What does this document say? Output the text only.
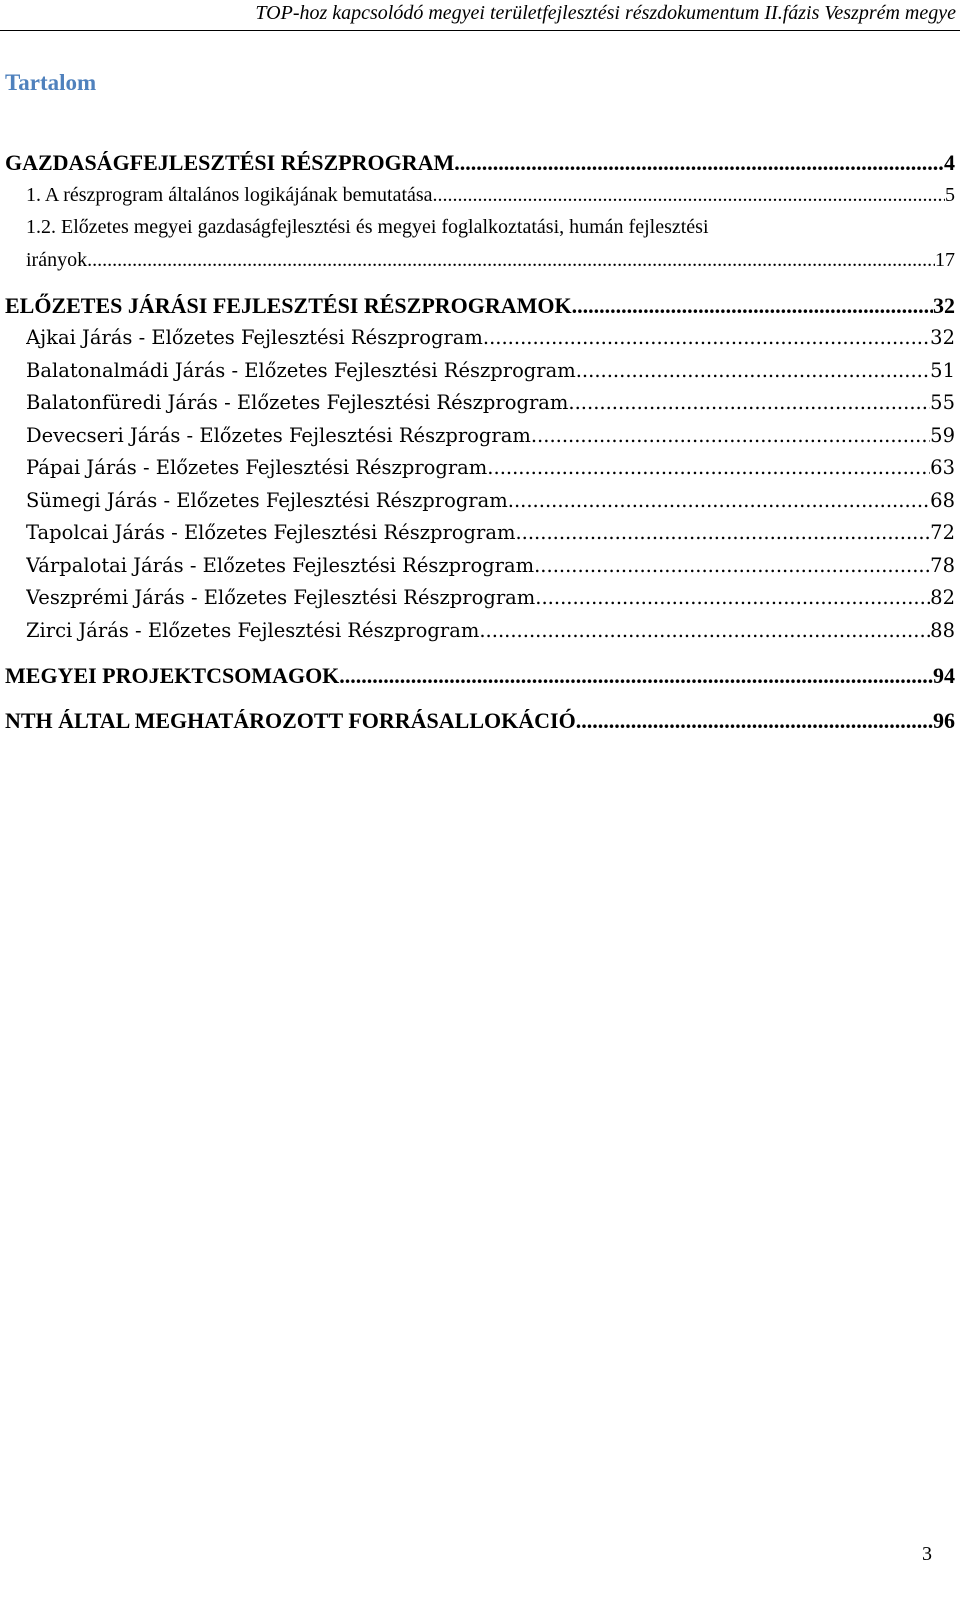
TOP-hoz kapcsolódó megyei területfejlesztési részdokumentum II.fázis Veszprém megye
Tartalom
GAZDASÁGFEJLESZTÉSI RÉSZPROGRAM .....	4
1. A részprogram általános logikájának bemutatása .....	5
1.2. Előzetes megyei gazdaságfejlesztési és megyei foglalkoztatási, humán fejlesztési
irányok .....	17
ELŐZETES JÁRÁSI FEJLESZTÉSI RÉSZPROGRAMOK .....	32
Ajkai Járás - Előzetes Fejlesztési Részprogram .....	32
Balatonalmádi Járás - Előzetes Fejlesztési Részprogram .....	51
Balatonfüredi Járás - Előzetes Fejlesztési Részprogram .....	55
Devecseri Járás - Előzetes Fejlesztési Részprogram .....	59
Pápai Járás - Előzetes Fejlesztési Részprogram .....	63
Sümegi Járás - Előzetes Fejlesztési Részprogram .....	68
Tapolcai Járás - Előzetes Fejlesztési Részprogram .....	72
Várpalotai Járás - Előzetes Fejlesztési Részprogram .....	78
Veszprémi Járás - Előzetes Fejlesztési Részprogram .....	82
Zirci Járás - Előzetes Fejlesztési Részprogram .....	88
MEGYEI PROJEKTCSOMAGOK .....	94
NTH ÁLTAL MEGHATÁROZOTT FORRÁSALLOKÁCIÓ .....	96
3
